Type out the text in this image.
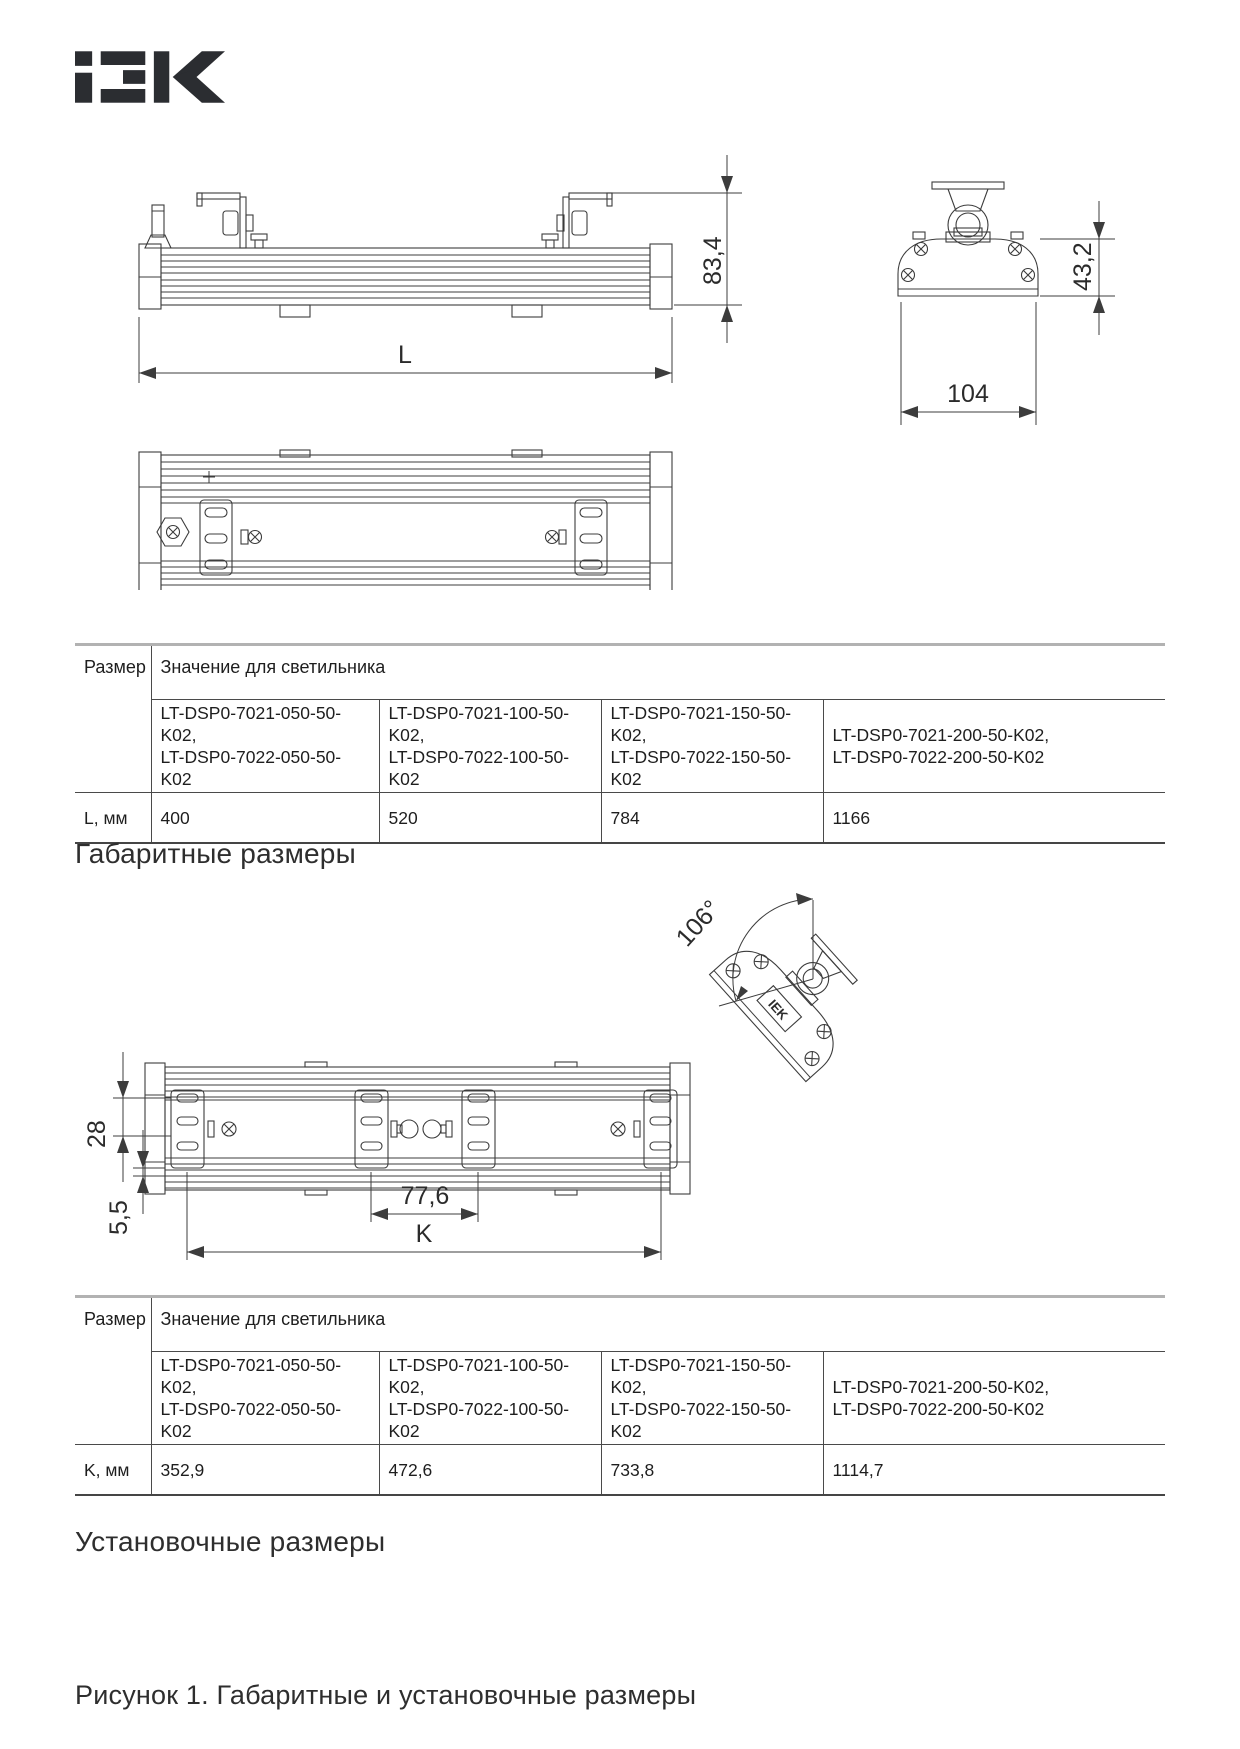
L
83,4	43,2
104
Размер	Значение для светильника			

LT-DSP0-7021-050-50-K02,
LT-DSP0-7022-050-50-K02

LT-DSP0-7021-100-50-K02,
LT-DSP0-7022-100-50-K02

LT-DSP0-7021-150-50-K02,
LT-DSP0-7022-150-50-K02

LT-DSP0-7021-200-50-K02,
LT-DSP0-7022-200-50-K02

L, мм	400	520	784	1166
Габаритные размеры
28
5,5
77,6
K
IEK
106°
Размер	Значение для светильника			

LT-DSP0-7021-050-50-K02,
LT-DSP0-7022-050-50-K02

LT-DSP0-7021-100-50-K02,
LT-DSP0-7022-100-50-K02

LT-DSP0-7021-150-50-K02,
LT-DSP0-7022-150-50-K02

LT-DSP0-7021-200-50-K02,
LT-DSP0-7022-200-50-K02

K, мм	352,9	472,6	733,8	1114,7
Установочные размеры
Рисунок 1. Габаритные и установочные размеры
